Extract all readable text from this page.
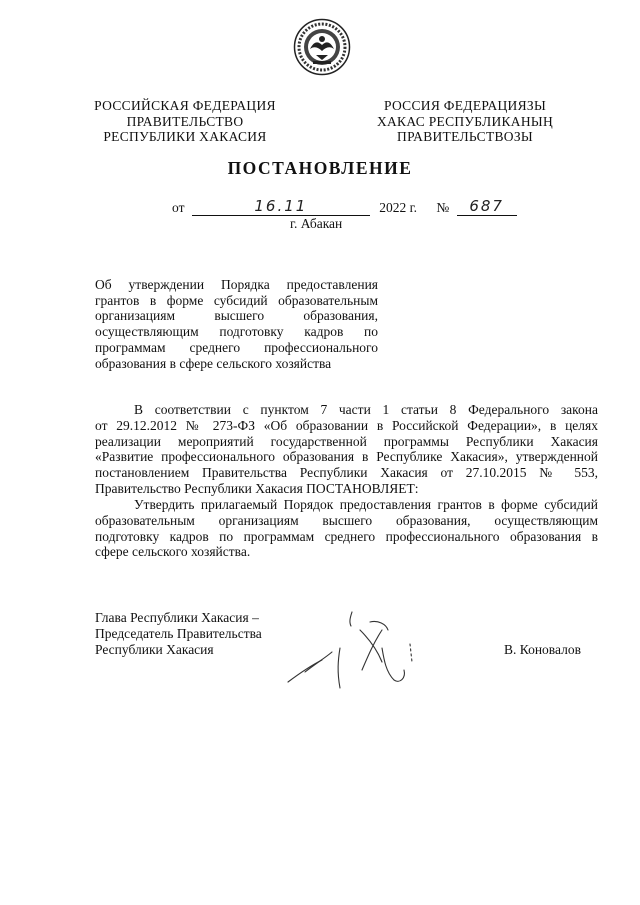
РОССИЙСКАЯ ФЕДЕРАЦИЯ
ПРАВИТЕЛЬСТВО
РЕСПУБЛИКИ ХАКАСИЯ
РОССИЯ ФЕДЕРАЦИЯЗЫ
ХАКАС РЕСПУБЛИКАНЫҢ
ПРАВИТЕЛЬСТВОЗЫ
ПОСТАНОВЛЕНИЕ
от	16.11	2022 г. №	687
г. Абакан
Об утверждении Порядка предоставления
грантов в форме субсидий образовательным
организациям высшего образования,
осуществляющим подготовку кадров по
программам среднего профессионального
образования в сфере сельского хозяйства
В соответствии с пунктом 7 части 1 статьи 8 Федерального закона
от 29.12.2012 № 273-ФЗ «Об образовании в Российской Федерации», в целях
реализации мероприятий государственной программы Республики Хакасия
«Развитие профессионального образования в Республике Хакасия», утвержденной
постановлением Правительства Республики Хакасия от 27.10.2015 № 553,
Правительство Республики Хакасия ПОСТАНОВЛЯЕТ:
Утвердить прилагаемый Порядок предоставления грантов в форме субсидий
образовательным организациям высшего образования, осуществляющим
подготовку кадров по программам среднего профессионального образования в
сфере сельского хозяйства.
Глава Республики Хакасия –
Председатель Правительства
Республики Хакасия	В. Коновалов
